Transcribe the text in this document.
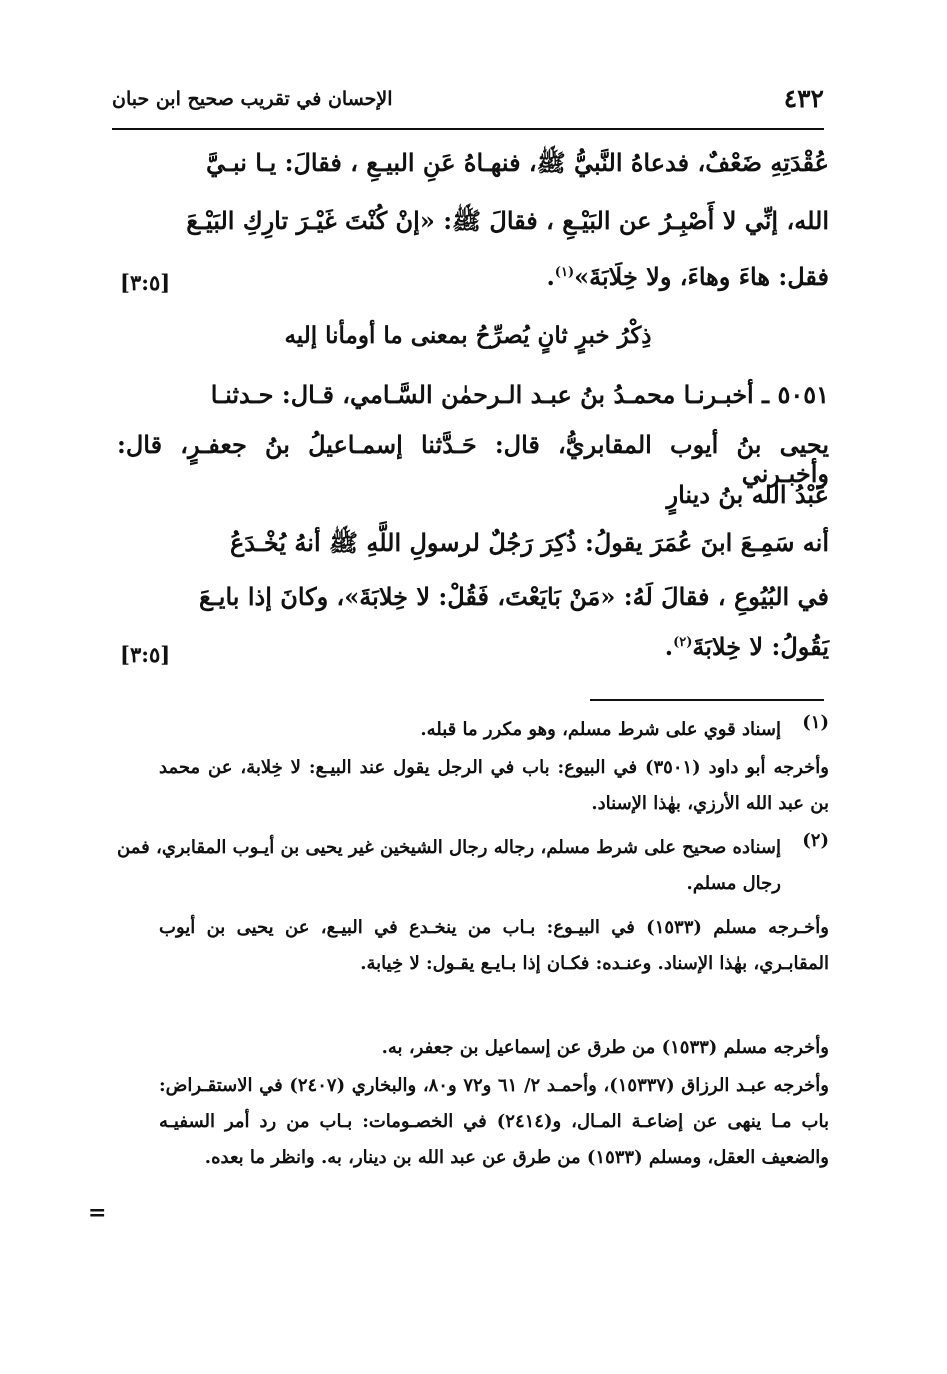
٤٣٢
الإحسان في تقريب صحيح ابن حبان
عُقْدَتِهِ ضَعْفٌ، فدعاهُ النَّبيُّ ﷺ، فنهـاهُ عَنِ البيـعِ ، فقالَ: يـا نبـيَّ
الله، إنِّي لا أَصْبِـرُ عن البَيْـعِ ، فقالَ ﷺ: «إنْ كُنْتَ غَيْـرَ تارِكِ البَيْـعَ
فقل: هاءَ وهاءَ، ولا خِلَابَةَ»$^{(١)}$.
[٣:٥]
ذِكْرُ خبرٍ ثانٍ يُصرِّحُ بمعنى ما أومأنا إليه
٥٠٥١ ـ أخبـرنـا محمـدُ بنُ عبـد الـرحمٰن السَّـامي، قـال: حـدثنـا
يحيى بنُ أيوب المقابريُّ، قال: حَـدَّثنا إسمـاعيلُ بنُ جعفـرٍ، قال: وأخبـرني
عَبْدُ الله بنُ دينارٍ
أنه سَمِـعَ ابنَ عُمَرَ يقولُ: ذُكِرَ رَجُلٌ لرسولِ اللَّهِ ﷺ أنهُ يُخْـدَعُ
في البُيُوعِ ، فقالَ لَهُ: «مَنْ بَايَعْتَ، فَقُلْ: لا خِلابَةَ»، وكانَ إذا بايـعَ
يَقُولُ: لا خِلابَةَ$^{(٢)}$.
[٣:٥]
(١)
إسناد قوي على شرط مسلم، وهو مكرر ما قبله.
وأخرجه أبو داود (٣٥٠١) في البيوع: باب في الرجل يقول عند البيـع: لا خِلابة، عن محمد بن عبد الله الأرزي، بهٰذا الإسناد.
(٢)
إسناده صحيح على شرط مسلم، رجاله رجال الشيخين غير يحيى بن أيـوب المقابري، فمن رجال مسلم.
وأخـرجه مسلم (١٥٣٣) في البيـوع: بـاب من ينخـدع في البيـع، عن يحيى بن أيوب المقابـري، بهٰذا الإسناد. وعنـده: فكـان إذا بـايـع يقـول: لا خِيابة.
وأخرجه مسلم (١٥٣٣) من طرق عن إسماعيل بن جعفر، به.
وأخرجه عبـد الرزاق (١٥٣٣٧)، وأحمـد ٢/ ٦١ و٧٢ و٨٠، والبخاري (٢٤٠٧) في الاستقـراض: باب مـا ينهى عن إضاعـة المـال، و(٢٤١٤) في الخصـومات: بـاب من رد أمر السفيـه والضعيف العقل، ومسلم (١٥٣٣) من طرق عن عبد الله بن دينار، به. وانظر ما بعده.
=
